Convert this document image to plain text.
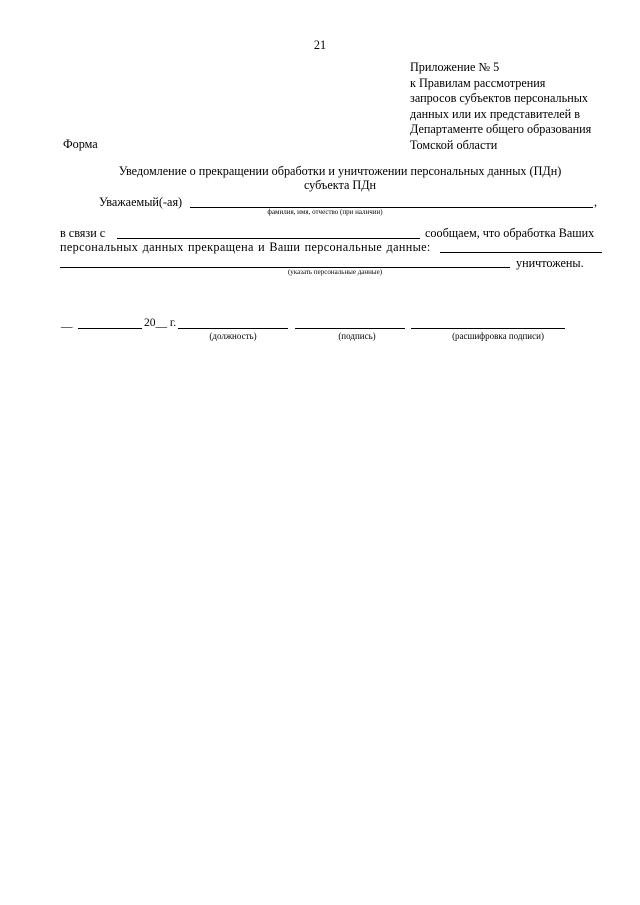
21
Приложение № 5
к Правилам рассмотрения
запросов субъектов персональных
данных или их представителей в
Департаменте общего образования
Томской области
Форма
Уведомление о прекращении обработки и уничтожении персональных данных (ПДн)
субъекта ПДн
Уважаемый(-ая)	,
фамилия, имя, отчество (при наличии)
в связи с	сообщаем, что обработка Ваших
персональных данных прекращена и Ваши персональные данные:
уничтожены.
(указать персональные данные)
__	20__ г.
(должность)	(подпись)	(расшифровка подписи)
